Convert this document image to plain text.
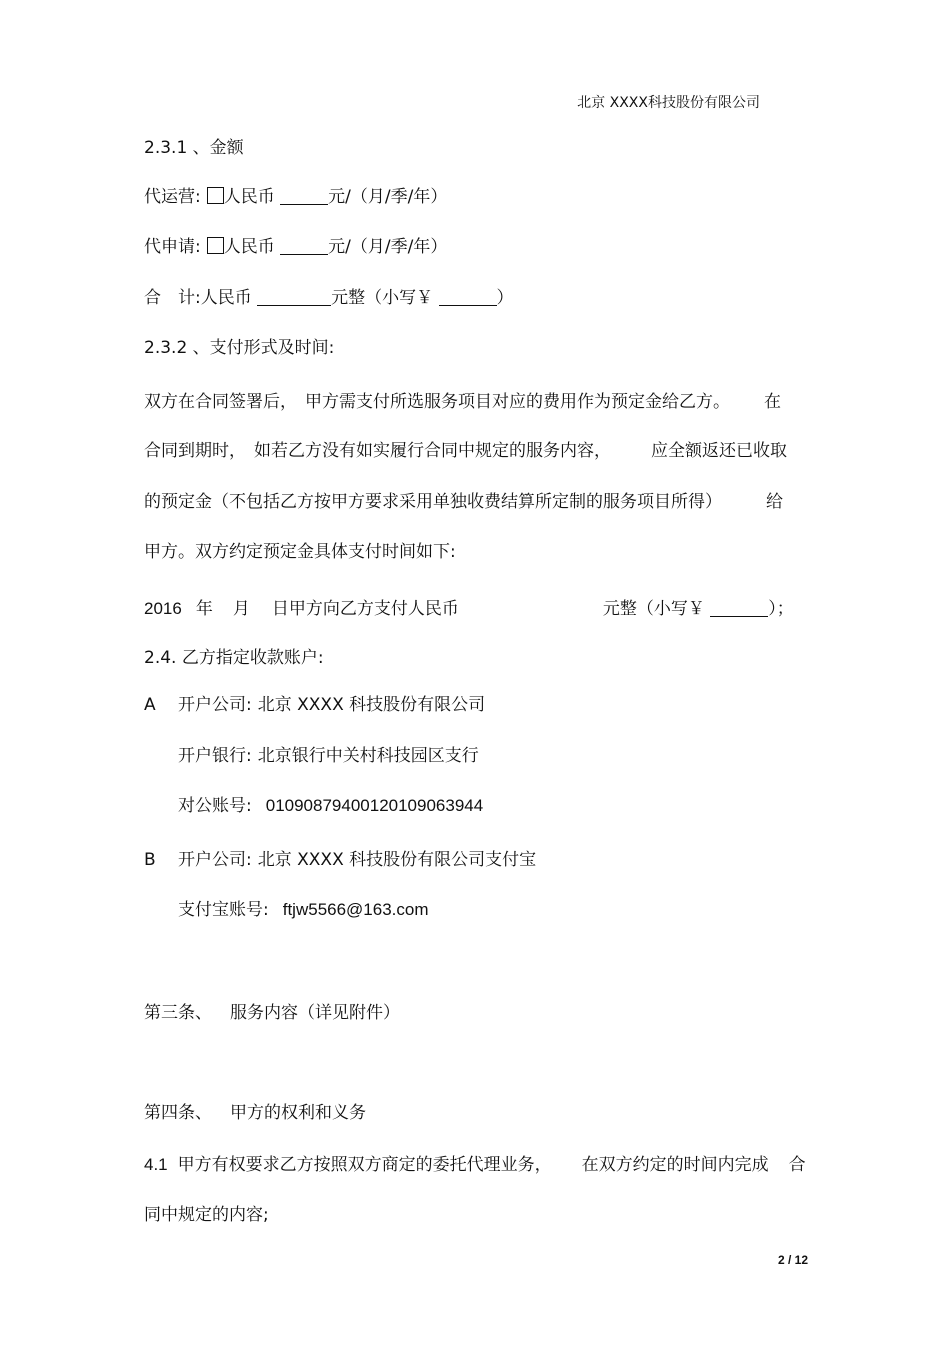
北京 XXXX科技股份有限公司
2.3.1 、金额
代运营: 人民币	元/（月/季/年）
代申请: 人民币	元/（月/季/年）
合　计:人民币	元整（小写￥	）
2.3.2 、支付形式及时间:
双方在合同签署后， 甲方需支付所选服务项目对应的费用作为预定金给乙方。 在
合同到期时， 如若乙方没有如实履行合同中规定的服务内容， 应全额返还已收取
的预定金（不包括乙方按甲方要求采用单独收费结算所定制的服务项目所得）	给
甲方。双方约定预定金具体支付时间如下:
2016 年 月 日甲方向乙方支付人民币	元整（小写￥	）；
2.4. 乙方指定收款账户:
A 开户公司: 北京 XXXX 科技股份有限公司
开户银行: 北京银行中关村科技园区支行
对公账号: 01090879400120109063944
B 开户公司: 北京 XXXX 科技股份有限公司支付宝
支付宝账号: ftjw5566@163.com
第三条、 服务内容（详见附件）
第四条、 甲方的权利和义务
4.1 甲方有权要求乙方按照双方商定的委托代理业务， 在双方约定的时间内完成 合
同中规定的内容;
2 / 12
